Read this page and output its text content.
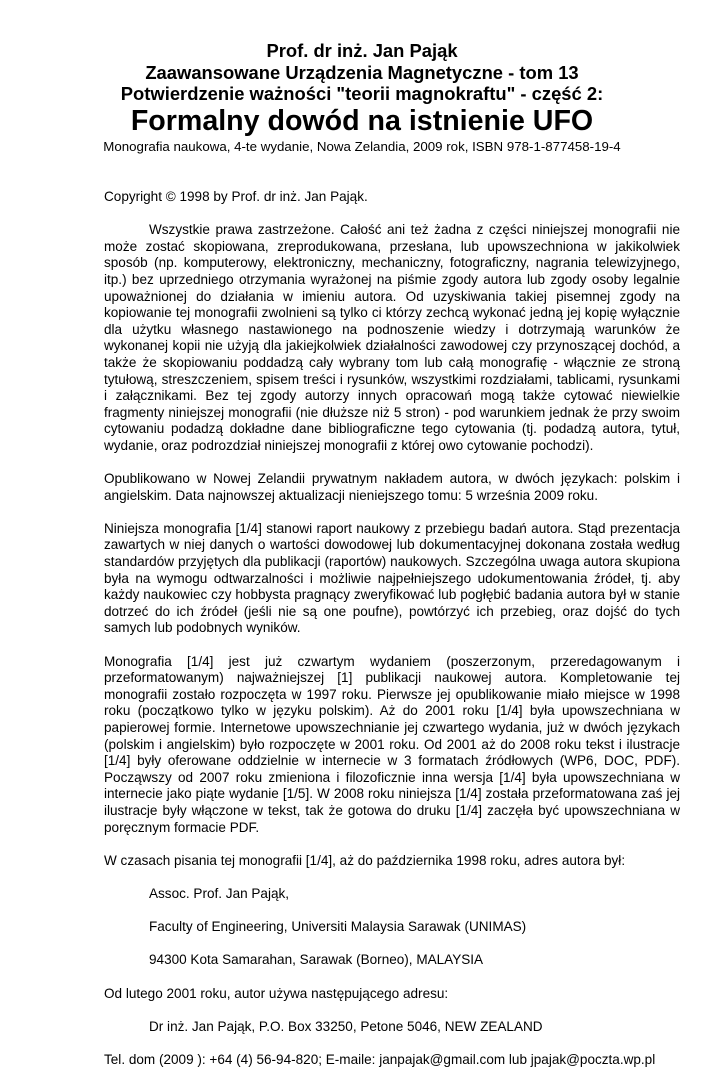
Prof. dr inż. Jan Pająk
Zaawansowane Urządzenia Magnetyczne - tom 13
Potwierdzenie ważności "teorii magnokraftu" - część 2:
Formalny dowód na istnienie UFO
Monografia naukowa, 4-te wydanie, Nowa Zelandia, 2009 rok, ISBN 978-1-877458-19-4

Copyright © 1998 by Prof. dr inż. Jan Pająk.

Wszystkie prawa zastrzeżone. Całość ani też żadna z części niniejszej monografii nie może zostać skopiowana, zreprodukowana, przesłana, lub upowszechniona w jakikolwiek sposób (np. komputerowy, elektroniczny, mechaniczny, fotograficzny, nagrania telewizyjnego, itp.) bez uprzedniego otrzymania wyrażonej na piśmie zgody autora lub zgody osoby legalnie upoważnionej do działania w imieniu autora. Od uzyskiwania takiej pisemnej zgody na kopiowanie tej monografii zwolnieni są tylko ci którzy zechcą wykonać jedną jej kopię wyłącznie dla użytku własnego nastawionego na podnoszenie wiedzy i dotrzymają warunków że wykonanej kopii nie użyją dla jakiejkolwiek działalności zawodowej czy przynoszącej dochód, a także że skopiowaniu poddadzą cały wybrany tom lub całą monografię - włącznie ze stroną tytułową, streszczeniem, spisem treści i rysunków, wszystkimi rozdziałami, tablicami, rysunkami i załącznikami. Bez tej zgody autorzy innych opracowań mogą także cytować niewielkie fragmenty niniejszej monografii (nie dłuższe niż 5 stron) - pod warunkiem jednak że przy swoim cytowaniu podadzą dokładne dane bibliograficzne tego cytowania (tj. podadzą autora, tytuł, wydanie, oraz podrozdział niniejszej monografii z której owo cytowanie pochodzi).

Opublikowano w Nowej Zelandii prywatnym nakładem autora, w dwóch językach: polskim i angielskim. Data najnowszej aktualizacji nieniejszego tomu: 5 września 2009 roku.

Niniejsza monografia [1/4] stanowi raport naukowy z przebiegu badań autora. Stąd prezentacja zawartych w niej danych o wartości dowodowej lub dokumentacyjnej dokonana została według standardów przyjętych dla publikacji (raportów) naukowych. Szczególna uwaga autora skupiona była na wymogu odtwarzalności i możliwie najpełniejszego udokumentowania źródeł, tj. aby każdy naukowiec czy hobbysta pragnący zweryfikować lub pogłębić badania autora był w stanie dotrzeć do ich źródeł (jeśli nie są one poufne), powtórzyć ich przebieg, oraz dojść do tych samych lub podobnych wyników.

Monografia [1/4] jest już czwartym wydaniem (poszerzonym, przeredagowanym i przeformatowanym) najważniejszej [1] publikacji naukowej autora. Kompletowanie tej monografii zostało rozpoczęta w 1997 roku. Pierwsze jej opublikowanie miało miejsce w 1998 roku (początkowo tylko w języku polskim). Aż do 2001 roku [1/4] była upowszechniana w papierowej formie. Internetowe upowszechnianie jej czwartego wydania, już w dwóch językach (polskim i angielskim) było rozpoczęte w 2001 roku. Od 2001 aż do 2008 roku tekst i ilustracje [1/4] były oferowane oddzielnie w internecie w 3 formatach źródłowych (WP6, DOC, PDF). Począwszy od 2007 roku zmieniona i filozoficznie inna wersja [1/4] była upowszechniana w internecie jako piąte wydanie [1/5]. W 2008 roku niniejsza [1/4] została przeformatowana zaś jej ilustracje były włączone w tekst, tak że gotowa do druku [1/4] zaczęła być upowszechniana w poręcznym formacie PDF.

W czasach pisania tej monografii [1/4], aż do października 1998 roku, adres autora był:

Assoc. Prof. Jan Pająk,

Faculty of Engineering, Universiti Malaysia Sarawak (UNIMAS)

94300 Kota Samarahan, Sarawak (Borneo), MALAYSIA

Od lutego 2001 roku, autor używa następującego adresu:

Dr inż. Jan Pająk, P.O. Box 33250, Petone 5046, NEW ZEALAND

Tel. dom (2009 ): +64 (4) 56-94-820; E-maile: janpajak@gmail.com lub jpajak@poczta.wp.pl
